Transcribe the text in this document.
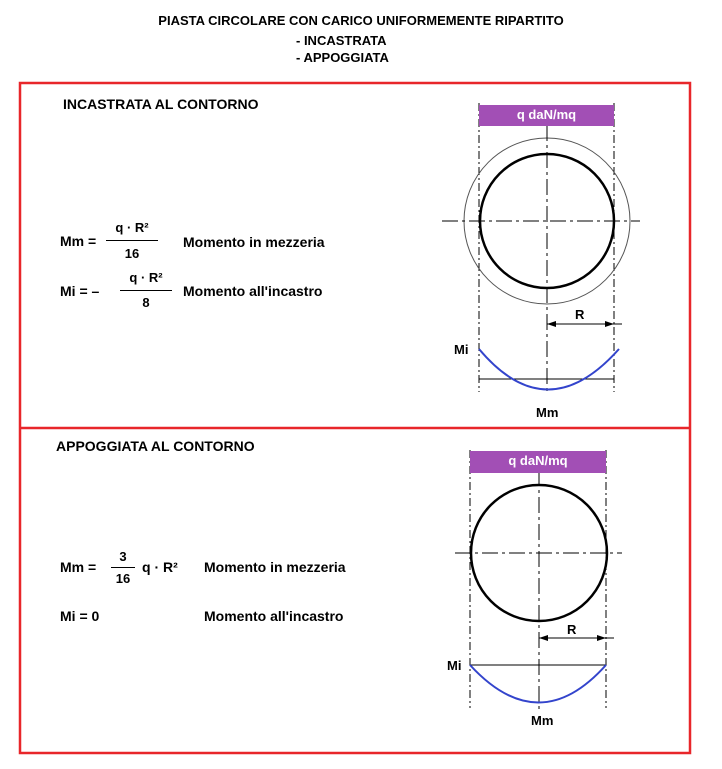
PIASTA CIRCOLARE CON CARICO UNIFORMEMENTE RIPARTITO
- INCASTRATA
- APPOGGIATA
INCASTRATA AL CONTORNO
Mm =
q · R²
16
Momento in mezzeria
Mi = –
q · R²
8
Momento all'incastro
q daN/mq
R
Mi
Mm
APPOGGIATA AL CONTORNO
Mm =
3
16
q · R² Momento in mezzeria
Mi = 0	Momento all'incastro
q daN/mq
R
Mi
Mm
